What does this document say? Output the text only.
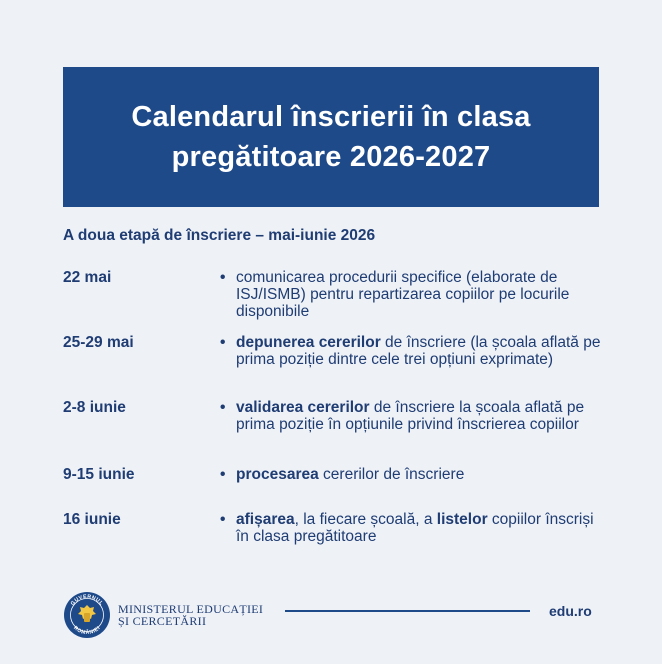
Calendarul înscrierii în clasa
pregătitoare 2026-2027
A doua etapă de înscriere – mai-iunie 2026
22 mai	• comunicarea procedurii specifice (elaborate de ISJ/ISMB) pentru repartizarea copiilor pe locurile disponibile
25-29 mai	• depunerea cererilor de înscriere (la școala aflată pe prima poziție dintre cele trei opțiuni exprimate)
2-8 iunie	• validarea cererilor de înscriere la școala aflată pe prima poziție în opțiunile privind înscrierea copiilor
9-15 iunie	• procesarea cererilor de înscriere
16 iunie	• afișarea, la fiecare școală, a listelor copiilor înscriși în clasa pregătitoare
GUVERNUL
ROMÂNIEI
MINISTERUL EDUCAȚIEI
ȘI CERCETĂRII
edu.ro
